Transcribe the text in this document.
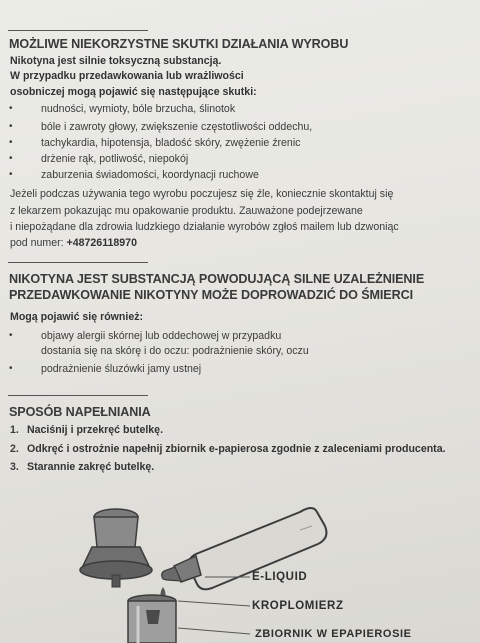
MOŻLIWE NIEKORZYSTNE SKUTKI DZIAŁANIA WYROBU
Nikotyna jest silnie toksyczną substancją.
W przypadku przedawkowania lub wrażliwości
osobniczej mogą pojawić się następujące skutki:
•	nudności, wymioty, bóle brzucha, ślinotok
•	bóle i zawroty głowy, zwiększenie częstotliwości oddechu,
•	tachykardia, hipotensja, bladość skóry, zwężenie źrenic
•	drżenie rąk, potliwość, niepokój
•	zaburzenia świadomości, koordynacji ruchowe
Jeżeli podczas używania tego wyrobu poczujesz się źle, koniecznie skontaktuj się
z lekarzem pokazując mu opakowanie produktu. Zauważone podejrzewane
i niepożądane dla zdrowia ludzkiego działanie wyrobów zgłoś mailem lub dzwoniąc
pod numer: +48726118970
NIKOTYNA JEST SUBSTANCJĄ POWODUJĄCĄ SILNE UZALEŻNIENIE
PRZEDAWKOWANIE NIKOTYNY MOŻE DOPROWADZIĆ DO ŚMIERCI
Mogą pojawić się również:
•	objawy alergii skórnej lub oddechowej w przypadku
dostania się na skórę i do oczu: podrażnienie skóry, oczu
•	podrażnienie śluzówki jamy ustnej
SPOSÓB NAPEŁNIANIA
1. Naciśnij i przekręć butelkę.
2. Odkręć i ostrożnie napełnij zbiornik e-papierosa zgodnie z zaleceniami producenta.
3. Starannie zakręć butelkę.
E-LIQUID
KROPLOMIERZ
ZBIORNIK W EPAPIEROSIE
